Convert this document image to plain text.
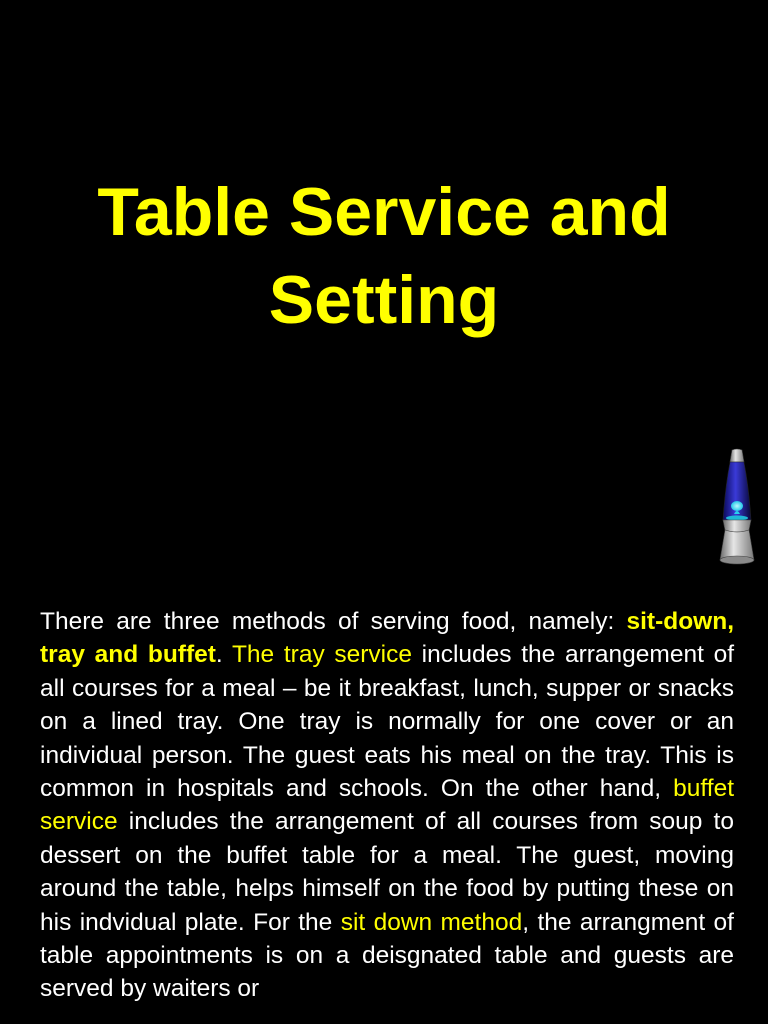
Table Service and
Setting

There are three methods of serving food, namely: sit-down, tray and buffet. The tray service includes the arrangement of all courses for a meal – be it breakfast, lunch, supper or snacks on a lined tray. One tray is normally for one cover or an individual person. The guest eats his meal on the tray. This is common in hospitals and schools. On the other hand, buffet service includes the arrangement of all courses from soup to dessert on the buffet table for a meal. The guest, moving around the table, helps himself on the food by putting these on his indvidual plate. For the sit down method, the arrangment of table appointments is on a deisgnated table and guests are served by waiters or
